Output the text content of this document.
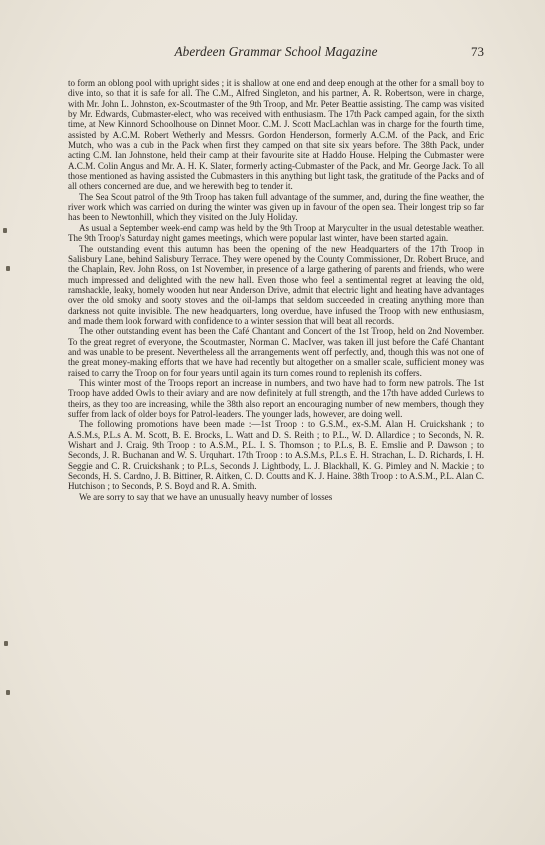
Aberdeen Grammar School Magazine	73

to form an oblong pool with upright sides ; it is shallow at one end and deep enough at the other for a small boy to dive into, so that it is safe for all. The C.M., Alfred Singleton, and his partner, A. R. Robertson, were in charge, with Mr. John L. Johnston, ex-Scoutmaster of the 9th Troop, and Mr. Peter Beattie assisting. The camp was visited by Mr. Edwards, Cubmaster-elect, who was received with enthusiasm. The 17th Pack camped again, for the sixth time, at New Kinnord Schoolhouse on Dinnet Moor. C.M. J. Scott MacLachlan was in charge for the fourth time, assisted by A.C.M. Robert Wetherly and Messrs. Gordon Henderson, formerly A.C.M. of the Pack, and Eric Mutch, who was a cub in the Pack when first they camped on that site six years before. The 38th Pack, under acting C.M. Ian Johnstone, held their camp at their favourite site at Haddo House. Helping the Cubmaster were A.C.M. Colin Angus and Mr. A. H. K. Slater, formerly acting-Cubmaster of the Pack, and Mr. George Jack. To all those mentioned as having assisted the Cubmasters in this anything but light task, the gratitude of the Packs and of all others concerned are due, and we herewith beg to tender it.

The Sea Scout patrol of the 9th Troop has taken full advantage of the summer, and, during the fine weather, the river work which was carried on during the winter was given up in favour of the open sea. Their longest trip so far has been to Newtonhill, which they visited on the July Holiday.

As usual a September week-end camp was held by the 9th Troop at Maryculter in the usual detestable weather. The 9th Troop's Saturday night games meetings, which were popular last winter, have been started again.

The outstanding event this autumn has been the opening of the new Headquarters of the 17th Troop in Salisbury Lane, behind Salisbury Terrace. They were opened by the County Commissioner, Dr. Robert Bruce, and the Chaplain, Rev. John Ross, on 1st November, in presence of a large gathering of parents and friends, who were much impressed and delighted with the new hall. Even those who feel a sentimental regret at leaving the old, ramshackle, leaky, homely wooden hut near Anderson Drive, admit that electric light and heating have advantages over the old smoky and sooty stoves and the oil-lamps that seldom succeeded in creating anything more than darkness not quite invisible. The new headquarters, long overdue, have infused the Troop with new enthusiasm, and made them look forward with confidence to a winter session that will beat all records.

The other outstanding event has been the Café Chantant and Concert of the 1st Troop, held on 2nd November. To the great regret of everyone, the Scoutmaster, Norman C. MacIver, was taken ill just before the Café Chantant and was unable to be present. Nevertheless all the arrangements went off perfectly, and, though this was not one of the great money-making efforts that we have had recently but altogether on a smaller scale, sufficient money was raised to carry the Troop on for four years until again its turn comes round to replenish its coffers.

This winter most of the Troops report an increase in numbers, and two have had to form new patrols. The 1st Troop have added Owls to their aviary and are now definitely at full strength, and the 17th have added Curlews to theirs, as they too are increasing, while the 38th also report an encouraging number of new members, though they suffer from lack of older boys for Patrol-leaders. The younger lads, however, are doing well.

The following promotions have been made :—1st Troop : to G.S.M., ex-S.M. Alan H. Cruickshank ; to A.S.M.s, P.L.s A. M. Scott, B. E. Brocks, L. Watt and D. S. Reith ; to P.L., W. D. Allardice ; to Seconds, N. R. Wishart and J. Craig. 9th Troop : to A.S.M., P.L. I. S. Thomson ; to P.L.s, B. E. Emslie and P. Dawson ; to Seconds, J. R. Buchanan and W. S. Urquhart. 17th Troop : to A.S.M.s, P.L.s E. H. Strachan, L. D. Richards, I. H. Seggie and C. R. Cruickshank ; to P.L.s, Seconds J. Lightbody, L. J. Blackhall, K. G. Pimley and N. Mackie ; to Seconds, H. S. Cardno, J. B. Bittiner, R. Aitken, C. D. Coutts and K. J. Haine. 38th Troop : to A.S.M., P.L. Alan C. Hutchison ; to Seconds, P. S. Boyd and R. A. Smith.

We are sorry to say that we have an unusually heavy number of losses
